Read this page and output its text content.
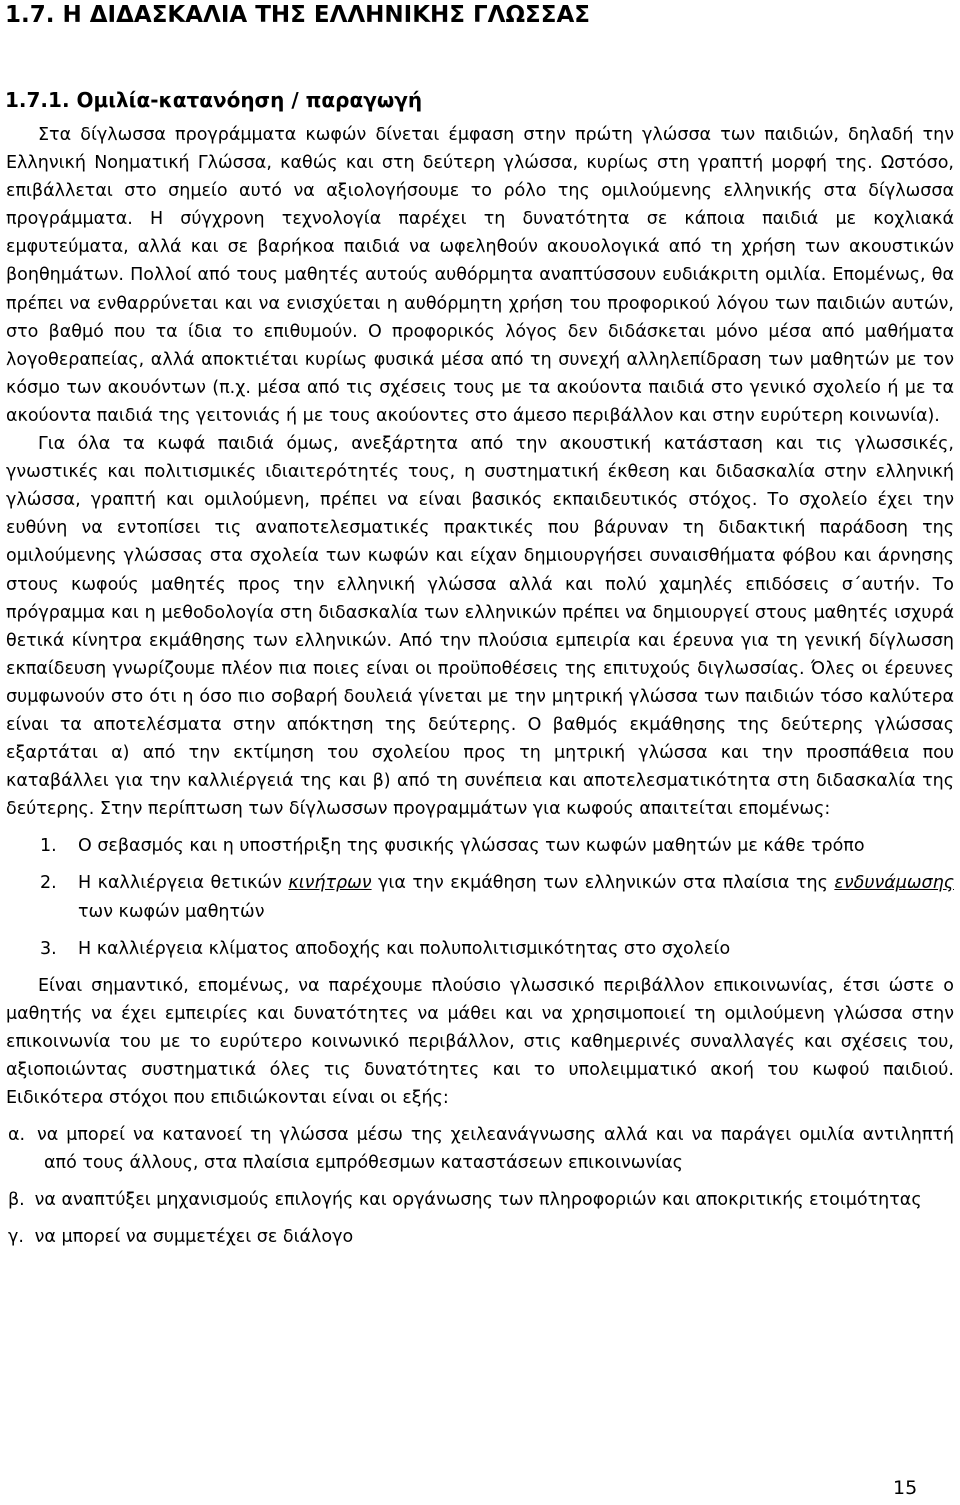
1.7. Η ΔΙΔΑΣΚΑΛΙΑ ΤΗΣ ΕΛΛΗΝΙΚΗΣ ΓΛΩΣΣΑΣ
1.7.1. Ομιλία-κατανόηση / παραγωγή

Στα δίγλωσσα προγράμματα κωφών δίνεται έμφαση στην πρώτη γλώσσα των παιδιών, δηλαδή την Ελληνική Νοηματική Γλώσσα, καθώς και στη δεύτερη γλώσσα, κυρίως στη γραπτή μορφή της. Ωστόσο, επιβάλλεται στο σημείο αυτό να αξιολογήσουμε το ρόλο της ομιλούμενης ελληνικής στα δίγλωσσα προγράμματα. Η σύγχρονη τεχνολογία παρέχει τη δυνατότητα σε κάποια παιδιά με κοχλιακά εμφυτεύματα, αλλά και σε βαρήκοα παιδιά να ωφεληθούν ακουολογικά από τη χρήση των ακουστικών βοηθημάτων. Πολλοί από τους μαθητές αυτούς αυθόρμητα αναπτύσσουν ευδιάκριτη ομιλία. Επομένως, θα πρέπει να ενθαρρύνεται και να ενισχύεται η αυθόρμητη χρήση του προφορικού λόγου των παιδιών αυτών, στο βαθμό που τα ίδια το επιθυμούν. Ο προφορικός λόγος δεν διδάσκεται μόνο μέσα από μαθήματα λογοθεραπείας, αλλά αποκτιέται κυρίως φυσικά μέσα από τη συνεχή αλληλεπίδραση των μαθητών με τον κόσμο των ακουόντων (π.χ. μέσα από τις σχέσεις τους με τα ακούοντα παιδιά στο γενικό σχολείο ή με τα ακούοντα παιδιά της γειτονιάς ή με τους ακούοντες στο άμεσο περιβάλλον και στην ευρύτερη κοινωνία).

Για όλα τα κωφά παιδιά όμως, ανεξάρτητα από την ακουστική κατάσταση και τις γλωσσικές, γνωστικές και πολιτισμικές ιδιαιτερότητές τους, η συστηματική έκθεση και διδασκαλία στην ελληνική γλώσσα, γραπτή και ομιλούμενη, πρέπει να είναι βασικός εκπαιδευτικός στόχος. Το σχολείο έχει την ευθύνη να εντοπίσει τις αναποτελεσματικές πρακτικές που βάρυναν τη διδακτική παράδοση της ομιλούμενης γλώσσας στα σχολεία των κωφών και είχαν δημιουργήσει συναισθήματα φόβου και άρνησης στους κωφούς μαθητές προς την ελληνική γλώσσα αλλά και πολύ χαμηλές επιδόσεις σ΄αυτήν. Το πρόγραμμα και η μεθοδολογία στη διδασκαλία των ελληνικών πρέπει να δημιουργεί στους μαθητές ισχυρά θετικά κίνητρα εκμάθησης των ελληνικών. Από την πλούσια εμπειρία και έρευνα για τη γενική δίγλωσση εκπαίδευση γνωρίζουμε πλέον πια ποιες είναι οι προϋποθέσεις της επιτυχούς διγλωσσίας. Όλες οι έρευνες συμφωνούν στο ότι η όσο πιο σοβαρή δουλειά γίνεται με την μητρική γλώσσα των παιδιών τόσο καλύτερα είναι τα αποτελέσματα στην απόκτηση της δεύτερης. Ο βαθμός εκμάθησης της δεύτερης γλώσσας εξαρτάται α) από την εκτίμηση του σχολείου προς τη μητρική γλώσσα και την προσπάθεια που καταβάλλει για την καλλιέργειά της και β) από τη συνέπεια και αποτελεσματικότητα στη διδασκαλία της δεύτερης. Στην περίπτωση των δίγλωσσων προγραμμάτων για κωφούς απαιτείται επομένως:

1.	Ο σεβασμός και η υποστήριξη της φυσικής γλώσσας των κωφών μαθητών με κάθε τρόπο
2.	Η καλλιέργεια θετικών κινήτρων για την εκμάθηση των ελληνικών στα πλαίσια της ενδυνάμωσης των κωφών μαθητών
3.	Η καλλιέργεια κλίματος αποδοχής και πολυπολιτισμικότητας στο σχολείο

Είναι σημαντικό, επομένως, να παρέχουμε πλούσιο γλωσσικό περιβάλλον επικοινωνίας, έτσι ώστε ο μαθητής να έχει εμπειρίες και δυνατότητες να μάθει και να χρησιμοποιεί τη ομιλούμενη γλώσσα στην επικοινωνία του με το ευρύτερο κοινωνικό περιβάλλον, στις καθημερινές συναλλαγές και σχέσεις του, αξιοποιώντας συστηματικά όλες τις δυνατότητες και το υπολειμματικό ακοή του κωφού παιδιού. Ειδικότερα στόχοι που επιδιώκονται είναι οι εξής:

α. να μπορεί να κατανοεί τη γλώσσα μέσω της χειλεανάγνωσης αλλά και να παράγει ομιλία αντιληπτή από τους άλλους, στα πλαίσια εμπρόθεσμων καταστάσεων επικοινωνίας
β. να αναπτύξει μηχανισμούς επιλογής και οργάνωσης των πληροφοριών και αποκριτικής ετοιμότητας
γ. να μπορεί να συμμετέχει σε διάλογο
15
